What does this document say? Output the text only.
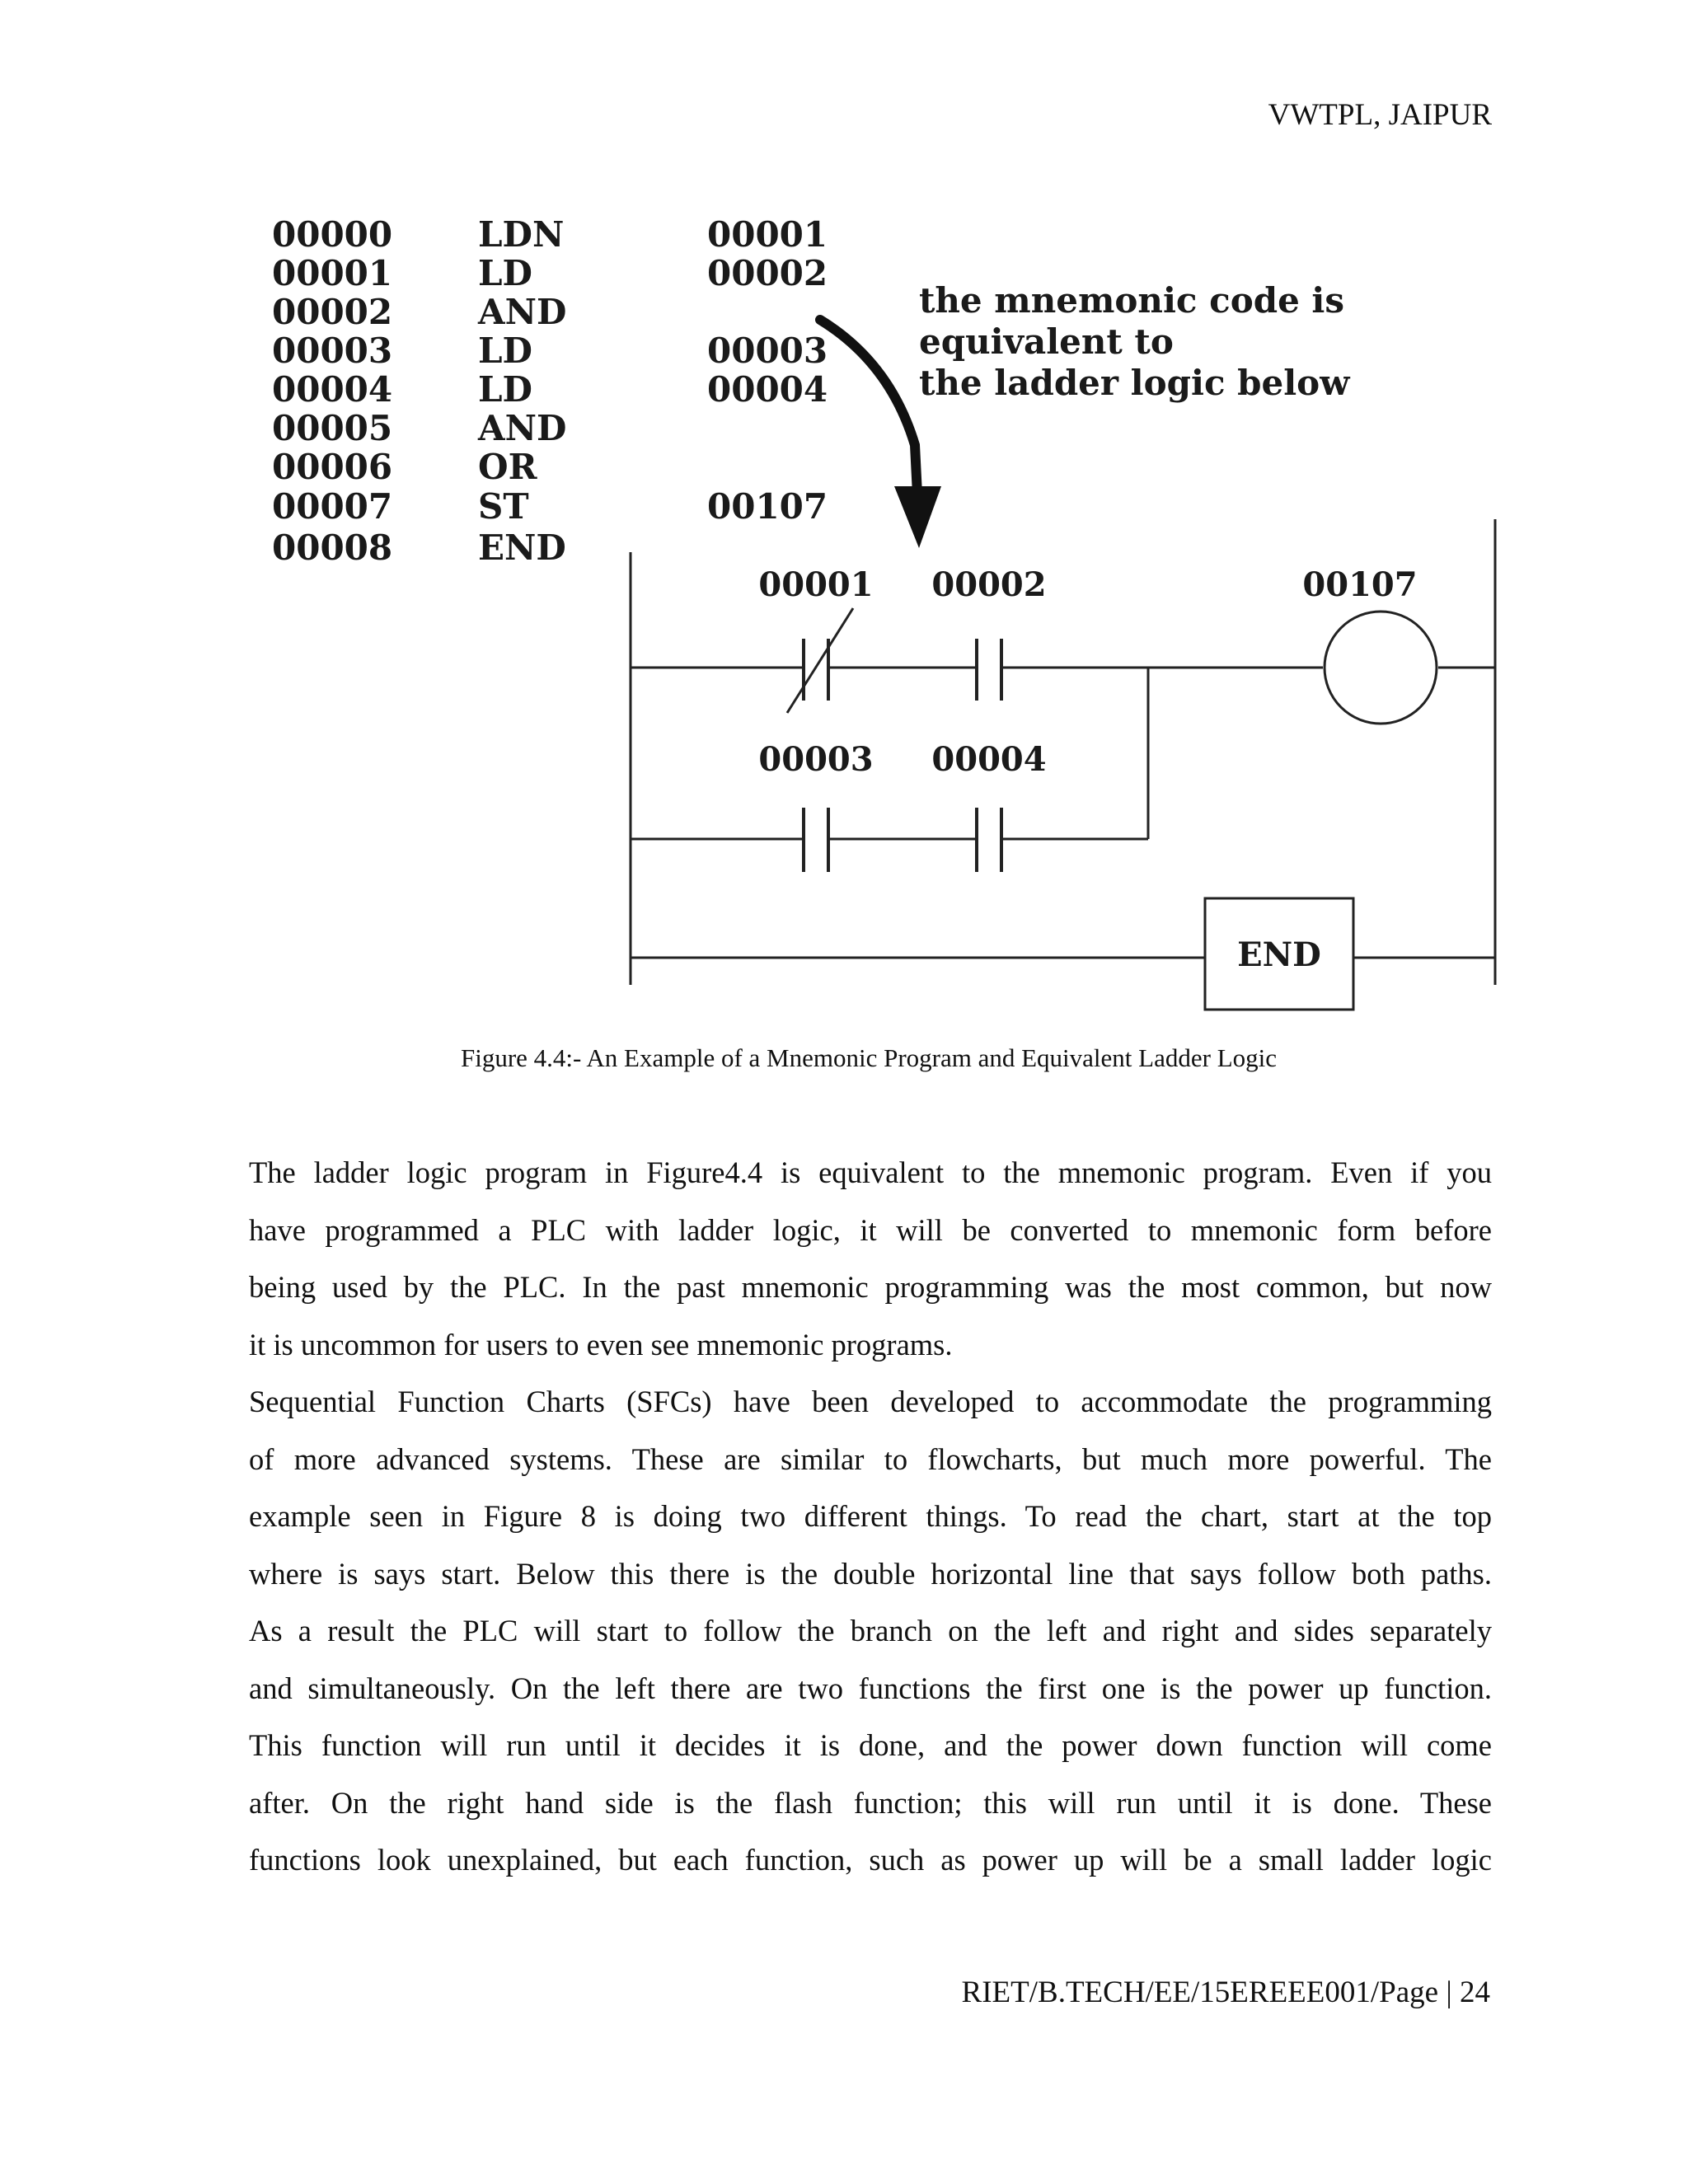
VWTPL, JAIPUR
00000 LDN	00001
00001 LD	00002
00002 AND
00003 LD	00003
00004 LD	00004
00005 AND
00006 OR
00007 ST	00107
00008 END
the mnemonic code is equivalent to
the ladder logic below
00001 00002	00107
00003 00004
END
Figure 4.4:- An Example of a Mnemonic Program and Equivalent Ladder Logic
The ladder logic program in Figure4.4 is equivalent to the mnemonic program. Even if you
have programmed a PLC with ladder logic, it will be converted to mnemonic form before
being used by the PLC. In the past mnemonic programming was the most common, but now
it is uncommon for users to even see mnemonic programs.
Sequential Function Charts (SFCs) have been developed to accommodate the programming
of more advanced systems. These are similar to flowcharts, but much more powerful. The
example seen in Figure 8 is doing two different things. To read the chart, start at the top
where is says start. Below this there is the double horizontal line that says follow both paths.
As a result the PLC will start to follow the branch on the left and right and sides separately
and simultaneously. On the left there are two functions the first one is the power up function.
This function will run until it decides it is done, and the power down function will come
after. On the right hand side is the flash function; this will run until it is done. These
functions look unexplained, but each function, such as power up will be a small ladder logic
RIET/B.TECH/EE/15EREEE001/Page | 24
